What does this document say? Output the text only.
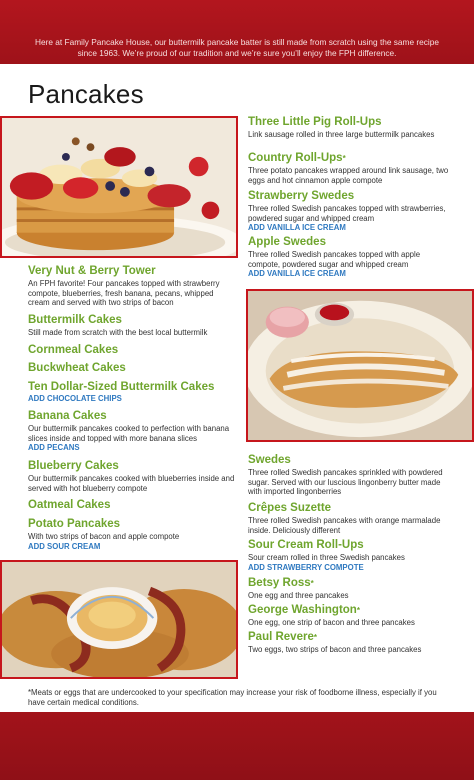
Here at Family Pancake House, our buttermilk pancake batter is still made from scratch using the same recipe since 1963. We’re proud of our tradition and we’re sure you’ll enjoy the FPH difference.
Pancakes
Very Nut & Berry Tower
An FPH favorite! Four pancakes topped with strawberry compote, blueberries, fresh banana, pecans, whipped cream and served with two strips of bacon
Buttermilk Cakes
Still made from scratch with the best local buttermilk
Cornmeal Cakes
Buckwheat Cakes
Ten Dollar-Sized Buttermilk Cakes
ADD CHOCOLATE CHIPS
Banana Cakes
Our buttermilk pancakes cooked to perfection with banana slices inside and topped with more banana slices
ADD PECANS
Blueberry Cakes
Our buttermilk pancakes cooked with blueberries inside and served with hot blueberry compote
Oatmeal Cakes
Potato Pancakes
With two strips of bacon and apple compote
ADD SOUR CREAM
Three Little Pig Roll-Ups
Link sausage rolled in three large buttermilk pancakes
Country Roll-Ups*
Three potato pancakes wrapped around link sausage, two eggs and hot cinnamon apple compote
Strawberry Swedes
Three rolled Swedish pancakes topped with strawberries, powdered sugar and whipped cream
ADD VANILLA ICE CREAM
Apple Swedes
Three rolled Swedish pancakes topped with apple compote, powdered sugar and whipped cream
ADD VANILLA ICE CREAM
Swedes
Three rolled Swedish pancakes sprinkled with powdered sugar. Served with our luscious lingonberry butter made with imported lingonberries
Crêpes Suzette
Three rolled Swedish pancakes with orange marmalade inside. Deliciously different
Sour Cream Roll-Ups
Sour cream rolled in three Swedish pancakes
ADD STRAWBERRY COMPOTE
Betsy Ross*
One egg and three pancakes
George Washington*
One egg, one strip of bacon and three pancakes
Paul Revere*
Two eggs, two strips of bacon and three pancakes
*Meats or eggs that are undercooked to your specification may increase your risk of foodborne illness, especially if you have certain medical conditions.
